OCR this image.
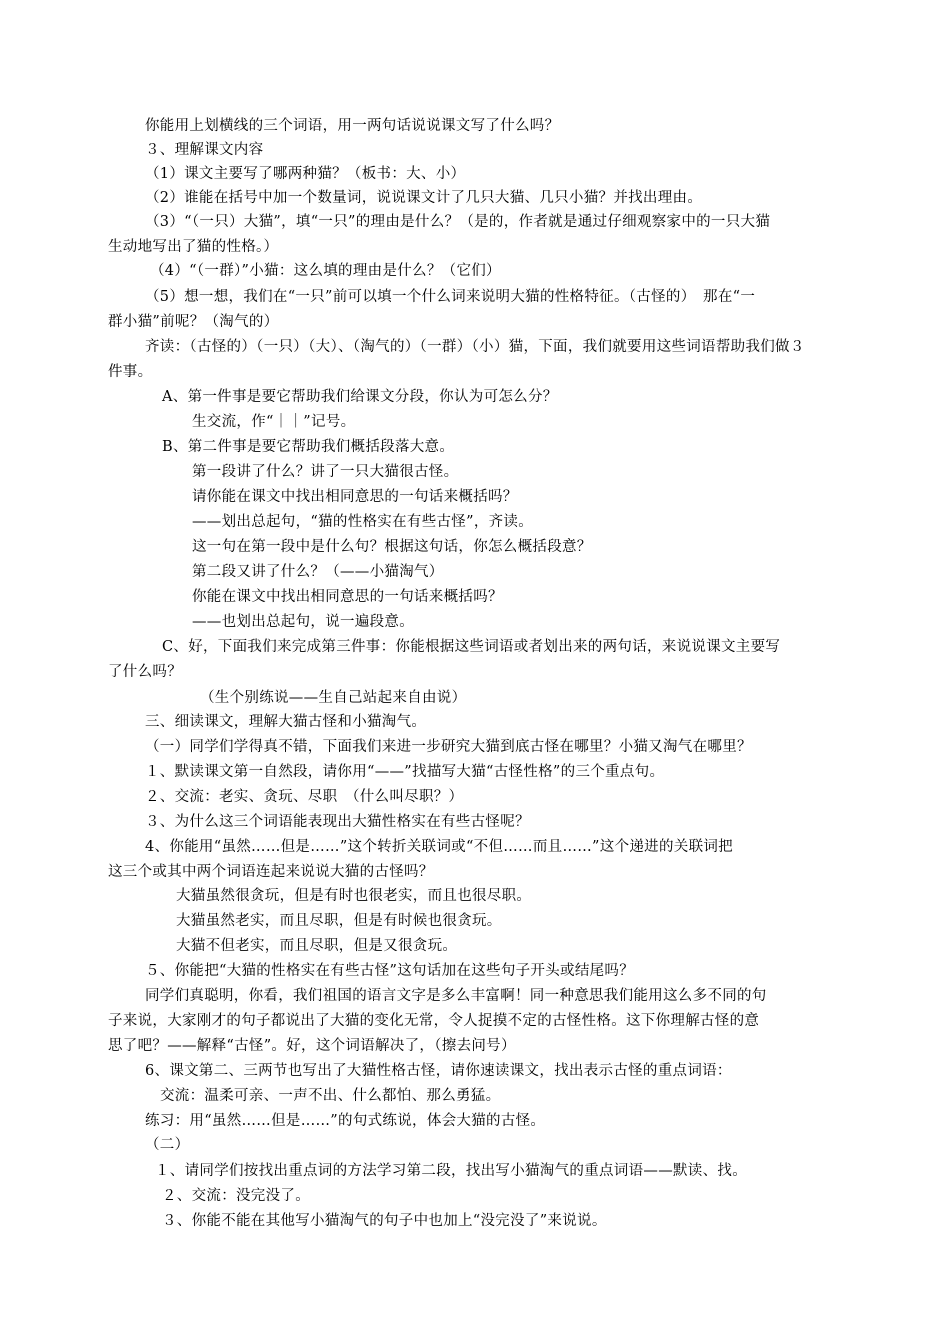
你能用上划横线的三个词语，用一两句话说说课文写了什么吗？
３、理解课文内容
（1）课文主要写了哪两种猫？（板书：大、小）
（2）谁能在括号中加一个数量词，说说课文计了几只大猫、几只小猫？并找出理由。
（3）“（一只）大猫”，填“一只”的理由是什么？（是的，作者就是通过仔细观察家中的一只大猫
生动地写出了猫的性格。）
（4）“（一群）”小猫：这么填的理由是什么？（它们）
（5）想一想，我们在“一只”前可以填一个什么词来说明大猫的性格特征。（古怪的）　那在“一
群小猫”前呢？（淘气的）
齐读：（古怪的）（一只）（大）、（淘气的）（一群）（小）猫，下面，我们就要用这些词语帮助我们做３
件事。
A、第一件事是要它帮助我们给课文分段，你认为可怎么分？
生交流，作“｜｜”记号。
B、第二件事是要它帮助我们概括段落大意。
第一段讲了什么？讲了一只大猫很古怪。
请你能在课文中找出相同意思的一句话来概括吗？
——划出总起句，“猫的性格实在有些古怪”，齐读。
这一句在第一段中是什么句？根据这句话，你怎么概括段意？
第二段又讲了什么？（——小猫淘气）
你能在课文中找出相同意思的一句话来概括吗？
——也划出总起句，说一遍段意。
C、好，下面我们来完成第三件事：你能根据这些词语或者划出来的两句话，来说说课文主要写
了什么吗？
（生个别练说——生自己站起来自由说）
三、细读课文，理解大猫古怪和小猫淘气。
（一）同学们学得真不错，下面我们来进一步研究大猫到底古怪在哪里？小猫又淘气在哪里？
１、默读课文第一自然段，请你用“——”找描写大猫“古怪性格”的三个重点句。
２、交流：老实、贪玩、尽职　（什么叫尽职？）
３、为什么这三个词语能表现出大猫性格实在有些古怪呢？
4、你能用“虽然……但是……”这个转折关联词或“不但……而且……”这个递进的关联词把
这三个或其中两个词语连起来说说大猫的古怪吗？
大猫虽然很贪玩，但是有时也很老实，而且也很尽职。
大猫虽然老实，而且尽职，但是有时候也很贪玩。
大猫不但老实，而且尽职，但是又很贪玩。
５、你能把“大猫的性格实在有些古怪”这句话加在这些句子开头或结尾吗？
同学们真聪明，你看，我们祖国的语言文字是多么丰富啊！同一种意思我们能用这么多不同的句
子来说，大家刚才的句子都说出了大猫的变化无常，令人捉摸不定的古怪性格。这下你理解古怪的意
思了吧？——解释“古怪”。好，这个词语解决了，（擦去问号）
6、课文第二、三两节也写出了大猫性格古怪，请你速读课文，找出表示古怪的重点词语：
交流：温柔可亲、一声不出、什么都怕、那么勇猛。
练习：用“虽然……但是……”的句式练说，体会大猫的古怪。
（二）
１、请同学们按找出重点词的方法学习第二段，找出写小猫淘气的重点词语——默读、找。
２、交流：没完没了。
３、你能不能在其他写小猫淘气的句子中也加上“没完没了”来说说。
